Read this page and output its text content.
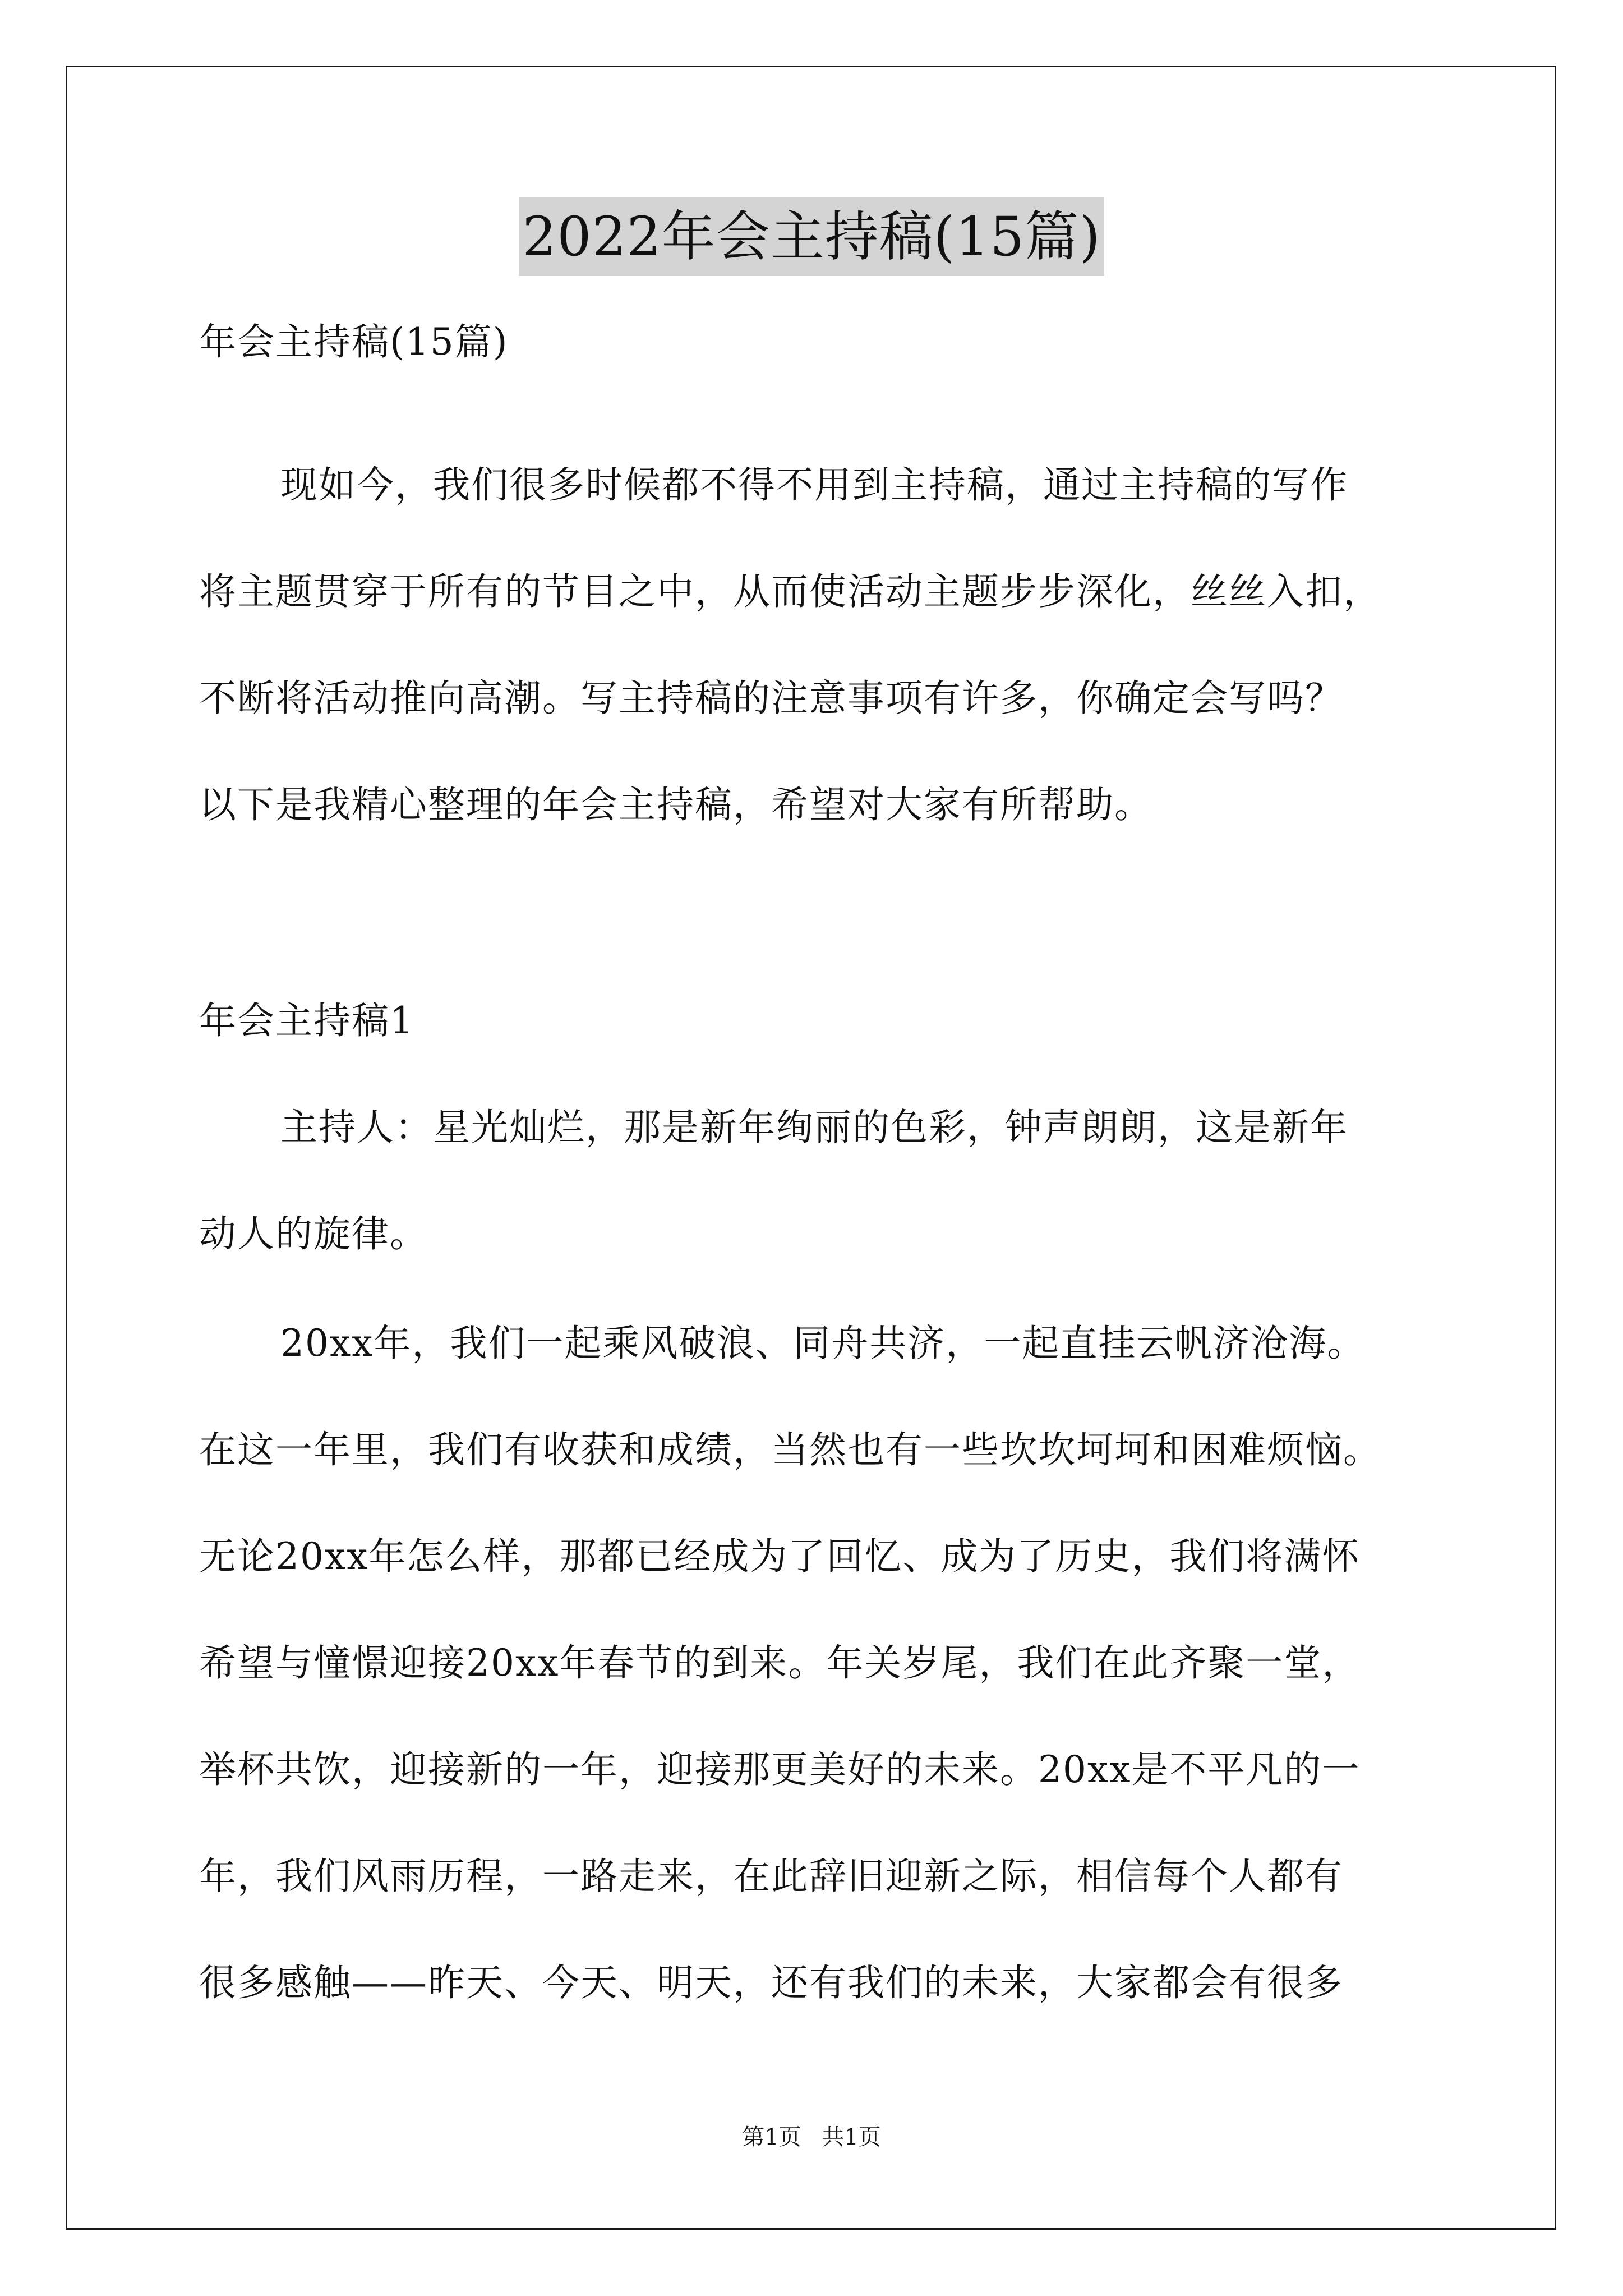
2022年会主持稿(15篇)
年会主持稿(15篇)
现如今，我们很多时候都不得不用到主持稿，通过主持稿的写作
将主题贯穿于所有的节目之中，从而使活动主题步步深化，丝丝入扣，
不断将活动推向高潮。写主持稿的注意事项有许多，你确定会写吗？
以下是我精心整理的年会主持稿，希望对大家有所帮助。
年会主持稿1
主持人：星光灿烂，那是新年绚丽的色彩，钟声朗朗，这是新年
动人的旋律。
20xx年，我们一起乘风破浪、同舟共济，一起直挂云帆济沧海。
在这一年里，我们有收获和成绩，当然也有一些坎坎坷坷和困难烦恼。
无论20xx年怎么样，那都已经成为了回忆、成为了历史，我们将满怀
希望与憧憬迎接20xx年春节的到来。年关岁尾，我们在此齐聚一堂，
举杯共饮，迎接新的一年，迎接那更美好的未来。20xx是不平凡的一
年，我们风雨历程，一路走来，在此辞旧迎新之际，相信每个人都有
很多感触——昨天、今天、明天，还有我们的未来，大家都会有很多
第1页 共1页
